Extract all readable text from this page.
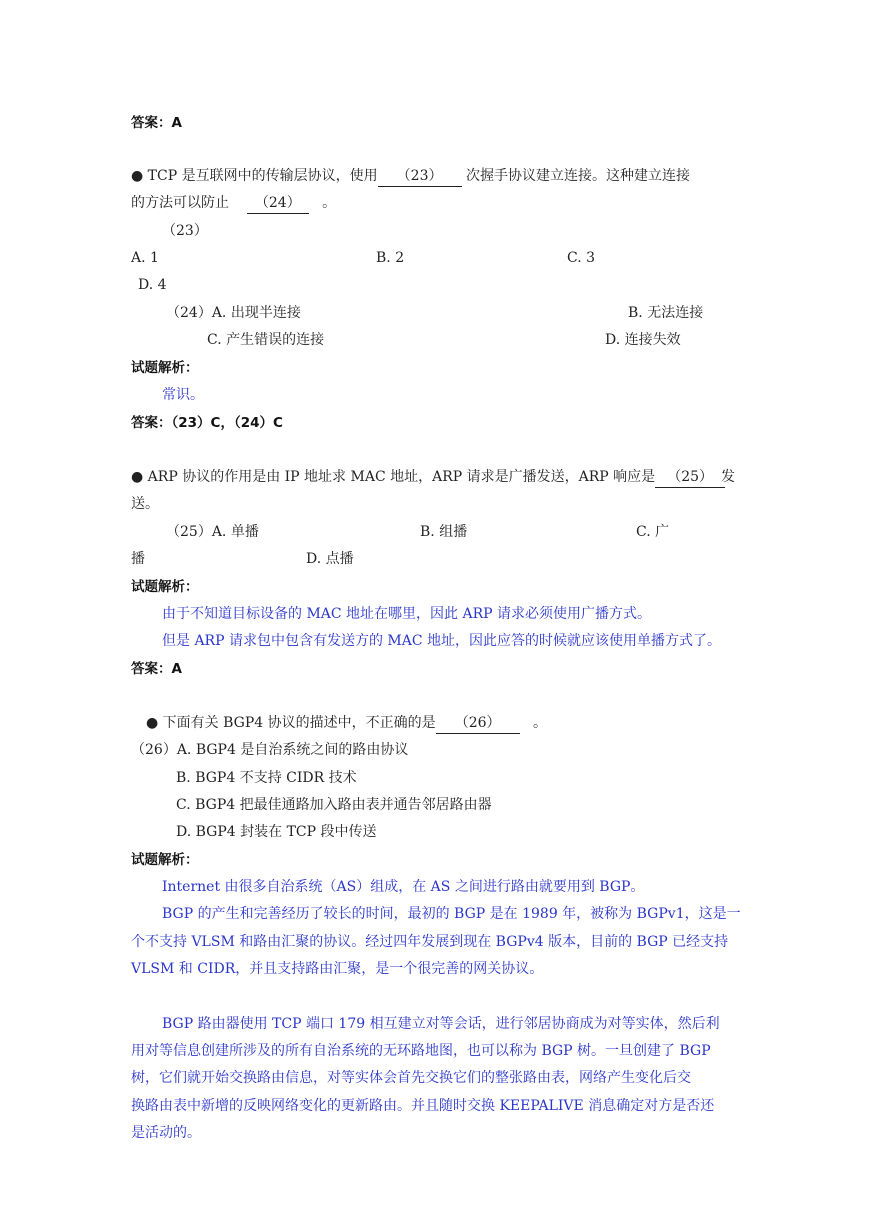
答案：A
● TCP 是互联网中的传输层协议，使用 （23） 次握手协议建立连接。这种建立连接
的方法可以防止 （24） 。
（23）
A. 1	B. 2	C. 3
D. 4
（24）A. 出现半连接	B. 无法连接
C. 产生错误的连接	D. 连接失效
试题解析：
常识。
答案：（23）C，（24）C
● ARP 协议的作用是由 IP 地址求 MAC 地址，ARP 请求是广播发送，ARP 响应是 （25） 发
送。
（25）A. 单播	B. 组播	C. 广
播	D. 点播
试题解析：
由于不知道目标设备的 MAC 地址在哪里，因此 ARP 请求必须使用广播方式。
但是 ARP 请求包中包含有发送方的 MAC 地址，因此应答的时候就应该使用单播方式了。
答案：A
● 下面有关 BGP4 协议的描述中，不正确的是 （26） 。
（26）A. BGP4 是自治系统之间的路由协议
B. BGP4 不支持 CIDR 技术
C. BGP4 把最佳通路加入路由表并通告邻居路由器
D. BGP4 封装在 TCP 段中传送
试题解析：
Internet 由很多自治系统（AS）组成，在 AS 之间进行路由就要用到 BGP。
BGP 的产生和完善经历了较长的时间，最初的 BGP 是在 1989 年，被称为 BGPv1，这是一
个不支持 VLSM 和路由汇聚的协议。经过四年发展到现在 BGPv4 版本，目前的 BGP 已经支持
VLSM 和 CIDR，并且支持路由汇聚，是一个很完善的网关协议。
BGP 路由器使用 TCP 端口 179 相互建立对等会话，进行邻居协商成为对等实体，然后利
用对等信息创建所涉及的所有自治系统的无环路地图，也可以称为 BGP 树。一旦创建了 BGP
树，它们就开始交换路由信息，对等实体会首先交换它们的整张路由表，网络产生变化后交
换路由表中新增的反映网络变化的更新路由。并且随时交换 KEEPALIVE 消息确定对方是否还
是活动的。
